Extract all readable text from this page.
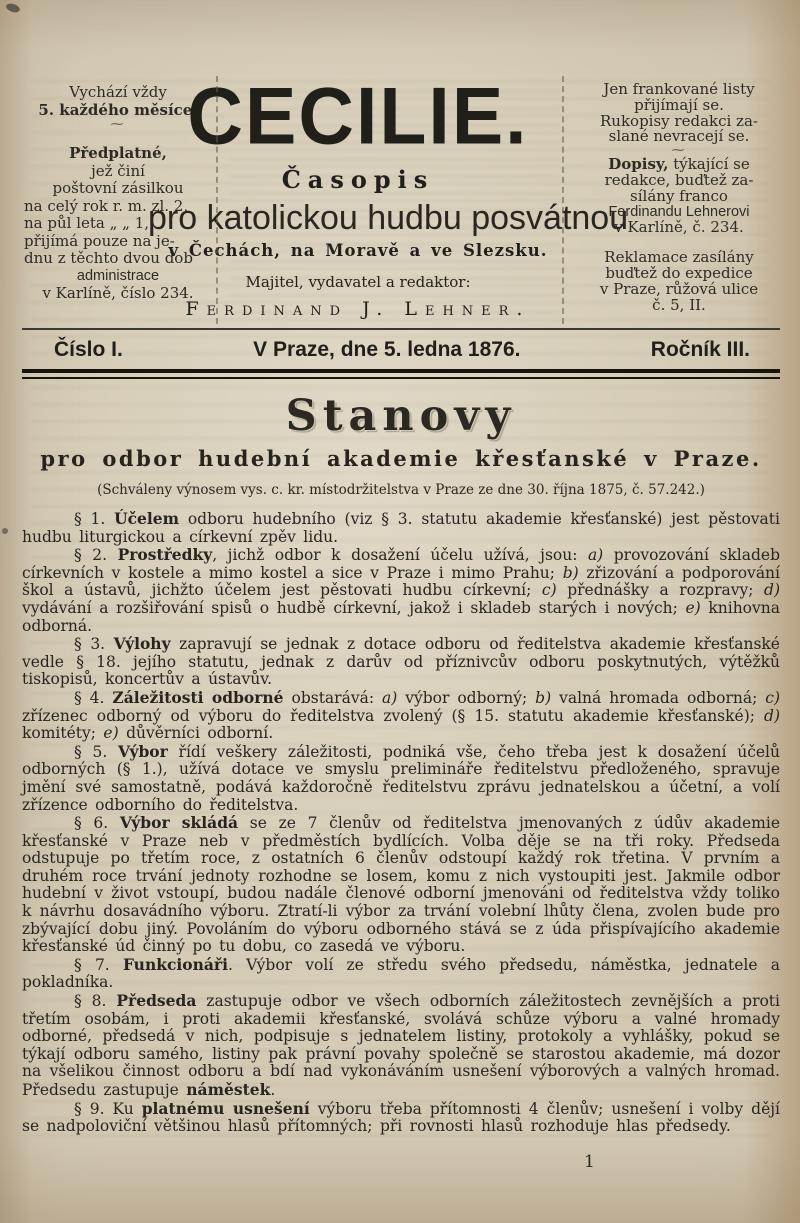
Vychází vždy
5. každého měsíce.
⁓
Předplatné,
jež činí
poštovní zásilkou
na celý rok r. m. zl. 2,
na půl leta „ „ 1,
přijímá pouze na je-
dnu z těchto dvou dob
administrace
v Karlíně, číslo 234.
CECILIE.
Časopis
pro katolickou hudbu posvátnou
v Čechách, na Moravě a ve Slezsku.
Majitel, vydavatel a redaktor:
Ferdinand J. Lehner.
Jen frankované listy
přijímají se.
Rukopisy redakci za-
slané nevracejí se.
⁓
Dopisy, týkající se
redakce, buďtež za-
sílány franco
Ferdinandu Lehnerovi
v Karlíně, č. 234.
Reklamace zasílány
buďtež do expedice
v Praze, růžová ulice
č. 5, II.
Číslo I.	V Praze, dne 5. ledna 1876.	Ročník III.
Stanovy
pro odbor hudební akademie křesťanské v Praze.
(Schváleny výnosem vys. c. kr. místodržitelstva v Praze ze dne 30. října 1875, č. 57.242.)

§ 1. Účelem odboru hudebního (viz § 3. statutu akademie křesťanské) jest pěstovati hudbu liturgickou a církevní zpěv lidu.

§ 2. Prostředky, jichž odbor k dosažení účelu užívá, jsou: a) provozování skladeb církevních v kostele a mimo kostel a sice v Praze i mimo Prahu; b) zřizování a podporování škol a ústavů, jichžto účelem jest pěstovati hudbu církevní; c) přednášky a rozpravy; d) vydávání a rozšiřování spisů o hudbě církevní, jakož i skladeb starých i nových; e) knihovna odborná.

§ 3. Výlohy zapravují se jednak z dotace odboru od ředitelstva akademie křesťanské vedle § 18. jejího statutu, jednak z darův od příznivcův odboru poskytnutých, výtěžků tiskopisů, koncertův a ústavův.

§ 4. Záležitosti odborné obstarává: a) výbor odborný; b) valná hromada odborná; c) zřízenec odborný od výboru do ředitelstva zvolený (§ 15. statutu akademie křesťanské); d) komitéty; e) důvěrníci odborní.

§ 5. Výbor řídí veškery záležitosti, podniká vše, čeho třeba jest k dosažení účelů odborných (§ 1.), užívá dotace ve smyslu prelimináře ředitelstvu předloženého, spravuje jmění své samostatně, podává každoročně ředitelstvu zprávu jednatelskou a účetní, a volí zřízence odborního do ředitelstva.

§ 6. Výbor skládá se ze 7 členův od ředitelstva jmenovaných z údův akademie křesťanské v Praze neb v předměstích bydlících. Volba děje se na tři roky. Předseda odstupuje po třetím roce, z ostatních 6 členův odstoupí každý rok třetina. V prvním a druhém roce trvání jednoty rozhodne se losem, komu z nich vystoupiti jest. Jakmile odbor hudební v život vstoupí, budou nadále členové odborní jmenováni od ředitelstva vždy toliko k návrhu dosavádního výboru. Ztratí-li výbor za trvání volební lhůty člena, zvolen bude pro zbývající dobu jiný. Povoláním do výboru odborného stává se z úda přispívajícího akademie křesťanské úd činný po tu dobu, co zasedá ve výboru.

§ 7. Funkcionáři. Výbor volí ze středu svého předsedu, náměstka, jednatele a pokladníka.

§ 8. Předseda zastupuje odbor ve všech odborních záležitostech zevnějších a proti třetím osobám, i proti akademii křesťanské, svolává schůze výboru a valné hromady odborné, předsedá v nich, podpisuje s jednatelem listiny, protokoly a vyhlášky, pokud se týkají odboru samého, listiny pak právní povahy společně se starostou akademie, má dozor na všelikou činnost odboru a bdí nad vykonáváním usnešení výborových a valných hromad. Předsedu zastupuje náměstek.

§ 9. Ku platnému usnešení výboru třeba přítomnosti 4 členův; usnešení i volby dějí se nadpoloviční většinou hlasů přítomných; při rovnosti hlasů rozhoduje hlas předsedy.

1
